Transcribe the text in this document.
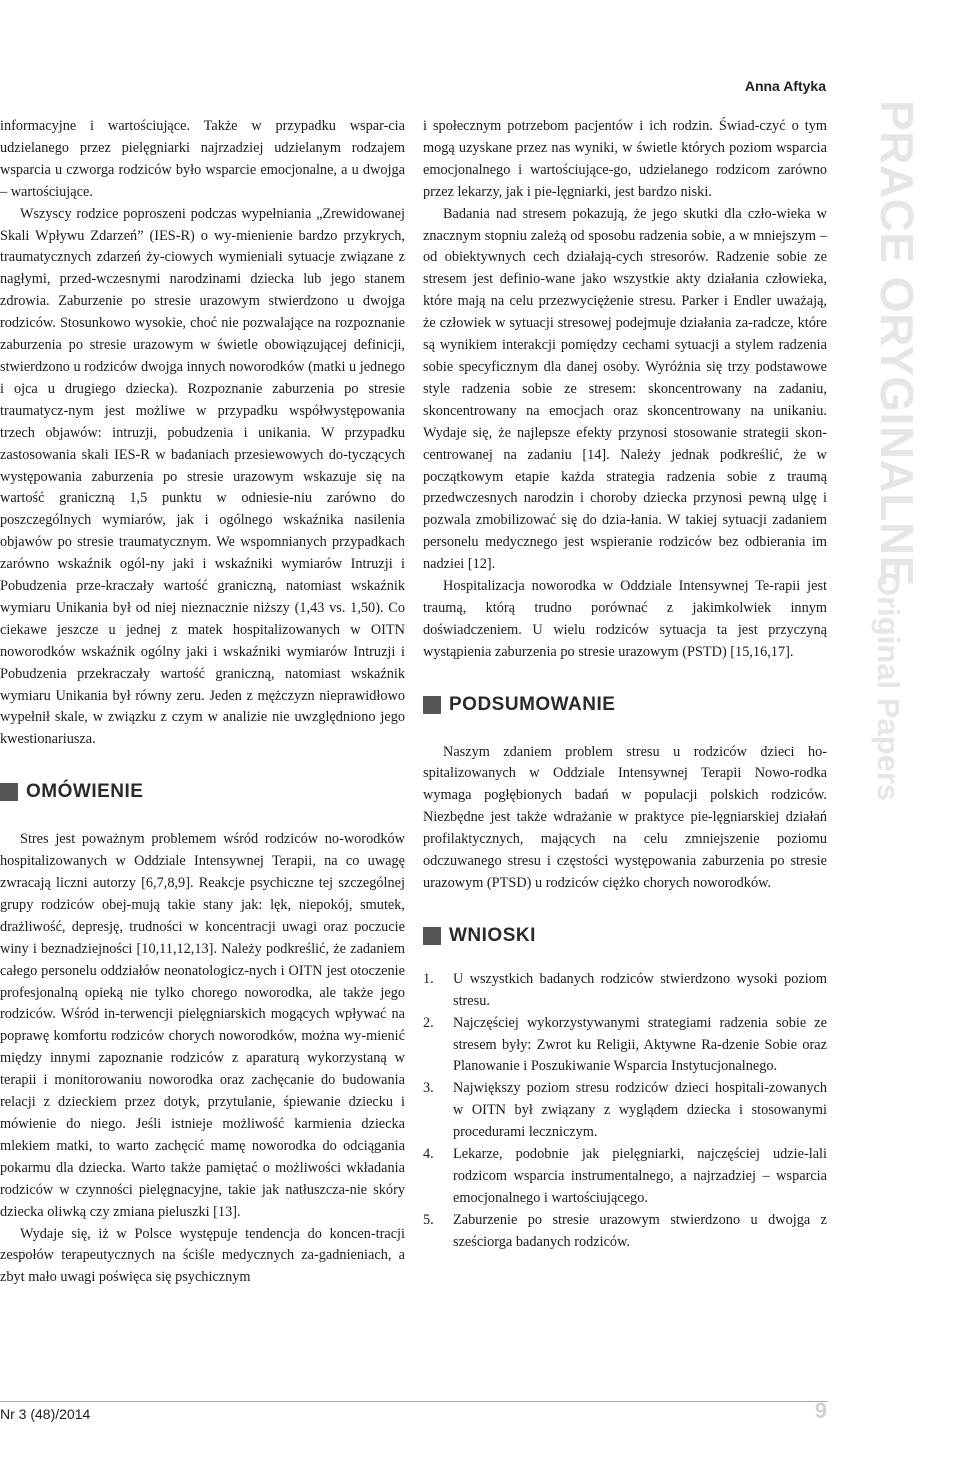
Anna Aftyka

informacyjne i wartościujące. Także w przypadku wspar-cia udzielanego przez pielęgniarki najrzadziej udzielanym rodzajem wsparcia u czworga rodziców było wsparcie emocjonalne, a u dwojga – wartościujące.

Wszyscy rodzice poproszeni podczas wypełniania „Zrewidowanej Skali Wpływu Zdarzeń” (IES-R) o wy-mienienie bardzo przykrych, traumatycznych zdarzeń ży-ciowych wymieniali sytuacje związane z nagłymi, przed-wczesnymi narodzinami dziecka lub jego stanem zdrowia. Zaburzenie po stresie urazowym stwierdzono u dwojga rodziców. Stosunkowo wysokie, choć nie pozwalające na rozpoznanie zaburzenia po stresie urazowym w świetle obowiązującej definicji, stwierdzono u rodziców dwojga innych noworodków (matki u jednego i ojca u drugiego dziecka). Rozpoznanie zaburzenia po stresie traumatycz-nym jest możliwe w przypadku współwystępowania trzech objawów: intruzji, pobudzenia i unikania. W przypadku zastosowania skali IES-R w badaniach przesiewowych do-tyczących występowania zaburzenia po stresie urazowym wskazuje się na wartość graniczną 1,5 punktu w odniesie-niu zarówno do poszczególnych wymiarów, jak i ogólnego wskaźnika nasilenia objawów po stresie traumatycznym. We wspomnianych przypadkach zarówno wskaźnik ogól-ny jaki i wskaźniki wymiarów Intruzji i Pobudzenia prze-kraczały wartość graniczną, natomiast wskaźnik wymiaru Unikania był od niej nieznacznie niższy (1,43 vs. 1,50). Co ciekawe jeszcze u jednej z matek hospitalizowanych w OITN noworodków wskaźnik ogólny jaki i wskaźniki wymiarów Intruzji i Pobudzenia przekraczały wartość graniczną, natomiast wskaźnik wymiaru Unikania był równy zeru. Jeden z mężczyzn nieprawidłowo wypełnił skale, w związku z czym w analizie nie uwzględniono jego kwestionariusza.

OMÓWIENIE

Stres jest poważnym problemem wśród rodziców no-worodków hospitalizowanych w Oddziale Intensywnej Terapii, na co uwagę zwracają liczni autorzy [6,7,8,9]. Reakcje psychiczne tej szczególnej grupy rodziców obej-mują takie stany jak: lęk, niepokój, smutek, drażliwość, depresję, trudności w koncentracji uwagi oraz poczucie winy i beznadziejności [10,11,12,13]. Należy podkreślić, że zadaniem całego personelu oddziałów neonatologicz-nych i OITN jest otoczenie profesjonalną opieką nie tylko chorego noworodka, ale także jego rodziców. Wśród in-terwencji pielęgniarskich mogących wpływać na poprawę komfortu rodziców chorych noworodków, można wy-mienić między innymi zapoznanie rodziców z aparaturą wykorzystaną w terapii i monitorowaniu noworodka oraz zachęcanie do budowania relacji z dzieckiem przez dotyk, przytulanie, śpiewanie dziecku i mówienie do niego. Jeśli istnieje możliwość karmienia dziecka mlekiem matki, to warto zachęcić mamę noworodka do odciągania pokarmu dla dziecka. Warto także pamiętać o możliwości wkładania rodziców w czynności pielęgnacyjne, takie jak natłuszcza-nie skóry dziecka oliwką czy zmiana pieluszki [13].

Wydaje się, iż w Polsce występuje tendencja do koncen-tracji zespołów terapeutycznych na ściśle medycznych za-gadnieniach, a zbyt mało uwagi poświęca się psychicznym

i społecznym potrzebom pacjentów i ich rodzin. Świad-czyć o tym mogą uzyskane przez nas wyniki, w świetle których poziom wsparcia emocjonalnego i wartościujące-go, udzielanego rodzicom zarówno przez lekarzy, jak i pie-lęgniarki, jest bardzo niski.

Badania nad stresem pokazują, że jego skutki dla czło-wieka w znacznym stopniu zależą od sposobu radzenia sobie, a w mniejszym – od obiektywnych cech działają-cych stresorów. Radzenie sobie ze stresem jest definio-wane jako wszystkie akty działania człowieka, które mają na celu przezwyciężenie stresu. Parker i Endler uważają, że człowiek w sytuacji stresowej podejmuje działania za-radcze, które są wynikiem interakcji pomiędzy cechami sytuacji a stylem radzenia sobie specyficznym dla danej osoby. Wyróżnia się trzy podstawowe style radzenia sobie ze stresem: skoncentrowany na zadaniu, skoncentrowany na emocjach oraz skoncentrowany na unikaniu. Wydaje się, że najlepsze efekty przynosi stosowanie strategii skon-centrowanej na zadaniu [14]. Należy jednak podkreślić, że w początkowym etapie każda strategia radzenia sobie z traumą przedwczesnych narodzin i choroby dziecka przynosi pewną ulgę i pozwala zmobilizować się do dzia-łania. W takiej sytuacji zadaniem personelu medycznego jest wspieranie rodziców bez odbierania im nadziei [12].

Hospitalizacja noworodka w Oddziale Intensywnej Te-rapii jest traumą, którą trudno porównać z jakimkolwiek innym doświadczeniem. U wielu rodziców sytuacja ta jest przyczyną wystąpienia zaburzenia po stresie urazowym (PSTD) [15,16,17].

PODSUMOWANIE

Naszym zdaniem problem stresu u rodziców dzieci ho-spitalizowanych w Oddziale Intensywnej Terapii Nowo-rodka wymaga pogłębionych badań w populacji polskich rodziców. Niezbędne jest także wdrażanie w praktyce pie-lęgniarskiej działań profilaktycznych, mających na celu zmniejszenie poziomu odczuwanego stresu i częstości występowania zaburzenia po stresie urazowym (PTSD) u rodziców ciężko chorych noworodków.

WNIOSKI
1.	U wszystkich badanych rodziców stwierdzono wysoki poziom stresu.
2.	Najczęściej wykorzystywanymi strategiami radzenia sobie ze stresem były: Zwrot ku Religii, Aktywne Ra-dzenie Sobie oraz Planowanie i Poszukiwanie Wsparcia Instytucjonalnego.
3.	Największy poziom stresu rodziców dzieci hospitali-zowanych w OITN był związany z wyglądem dziecka i stosowanymi procedurami leczniczym.
4.	Lekarze, podobnie jak pielęgniarki, najczęściej udzie-lali rodzicom wsparcia instrumentalnego, a najrzadziej – wsparcia emocjonalnego i wartościującego.
5.	Zaburzenie po stresie urazowym stwierdzono u dwojga z sześciorga badanych rodziców.
PRACE ORYGINALNE
Original Papers
Nr 3 (48)/2014	9
